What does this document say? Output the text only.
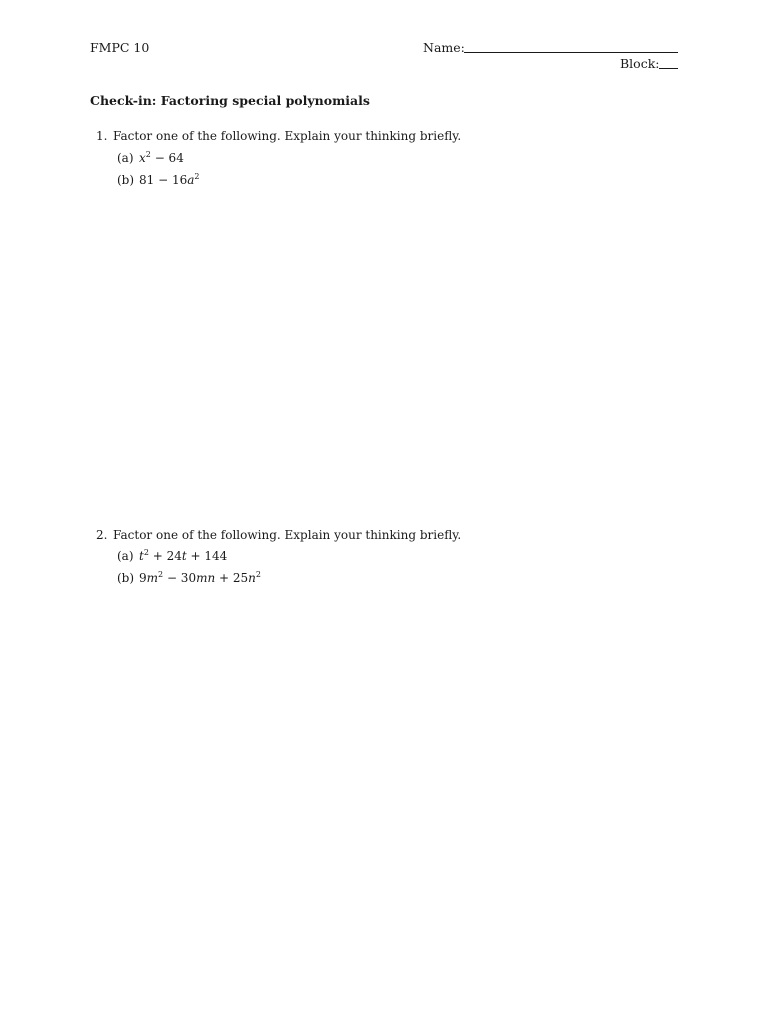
FMPC 10	Name:
Block:
Check-in: Factoring special polynomials
1. Factor one of the following. Explain your thinking briefly.
(a) $x^2 - 64$
(b) $81 - 16a^2$
2. Factor one of the following. Explain your thinking briefly.
(a) $t^2 + 24t + 144$
(b) $9m^2 - 30mn + 25n^2$
